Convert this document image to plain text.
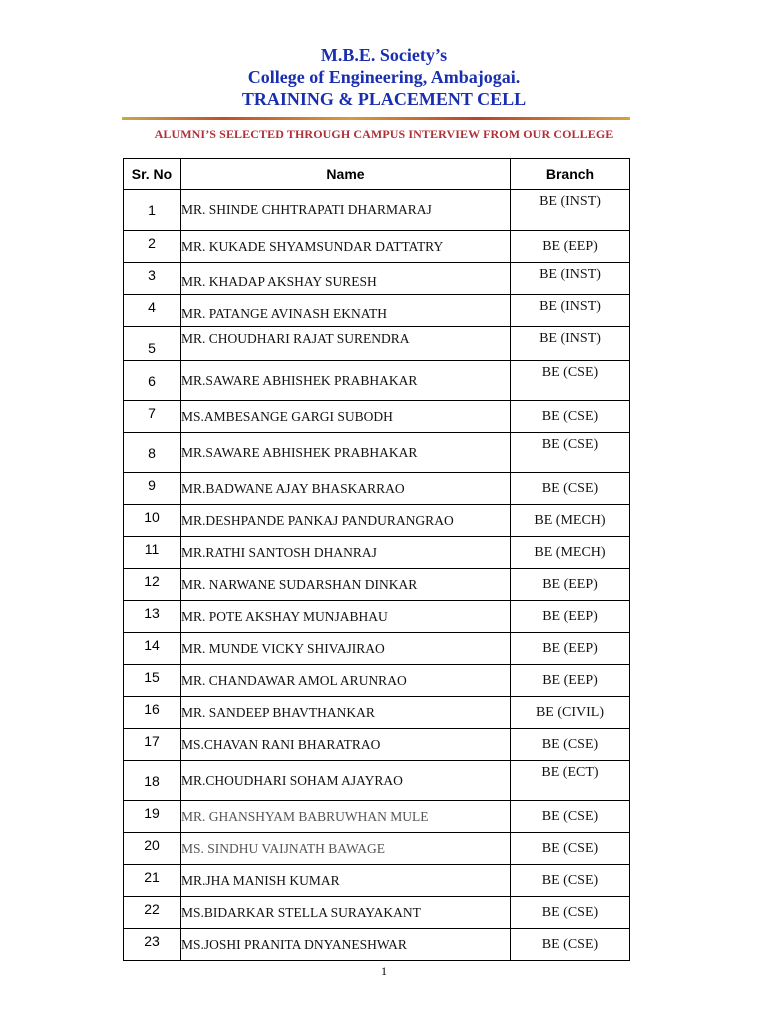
M.B.E. Society’s
College of Engineering, Ambajogai.
TRAINING & PLACEMENT CELL
ALUMNI’S SELECTED THROUGH CAMPUS INTERVIEW FROM OUR COLLEGE
Sr. No	Name	Branch
1	MR. SHINDE CHHTRAPATI DHARMARAJ	BE (INST)
2	MR. KUKADE SHYAMSUNDAR DATTATRY	BE (EEP)
3	MR. KHADAP AKSHAY SURESH	BE (INST)
4	MR. PATANGE AVINASH EKNATH	BE (INST)
5	MR. CHOUDHARI RAJAT SURENDRA	BE (INST)
6	MR.SAWARE ABHISHEK PRABHAKAR	BE (CSE)
7	MS.AMBESANGE GARGI SUBODH	BE (CSE)
8	MR.SAWARE ABHISHEK PRABHAKAR	BE (CSE)
9	MR.BADWANE AJAY BHASKARRAO	BE (CSE)
10	MR.DESHPANDE PANKAJ PANDURANGRAO	BE (MECH)
11	MR.RATHI SANTOSH DHANRAJ	BE (MECH)
12	MR. NARWANE SUDARSHAN DINKAR	BE (EEP)
13	MR. POTE AKSHAY MUNJABHAU	BE (EEP)
14	MR. MUNDE VICKY SHIVAJIRAO	BE (EEP)
15	MR. CHANDAWAR AMOL ARUNRAO	BE (EEP)
16	MR. SANDEEP BHAVTHANKAR	BE (CIVIL)
17	MS.CHAVAN RANI BHARATRAO	BE (CSE)
18	MR.CHOUDHARI SOHAM AJAYRAO	BE (ECT)
19	MR. GHANSHYAM BABRUWHAN MULE	BE (CSE)
20	MS. SINDHU VAIJNATH BAWAGE	BE (CSE)
21	MR.JHA MANISH KUMAR	BE (CSE)
22	MS.BIDARKAR STELLA SURAYAKANT	BE (CSE)
23	MS.JOSHI PRANITA DNYANESHWAR	BE (CSE)
1
